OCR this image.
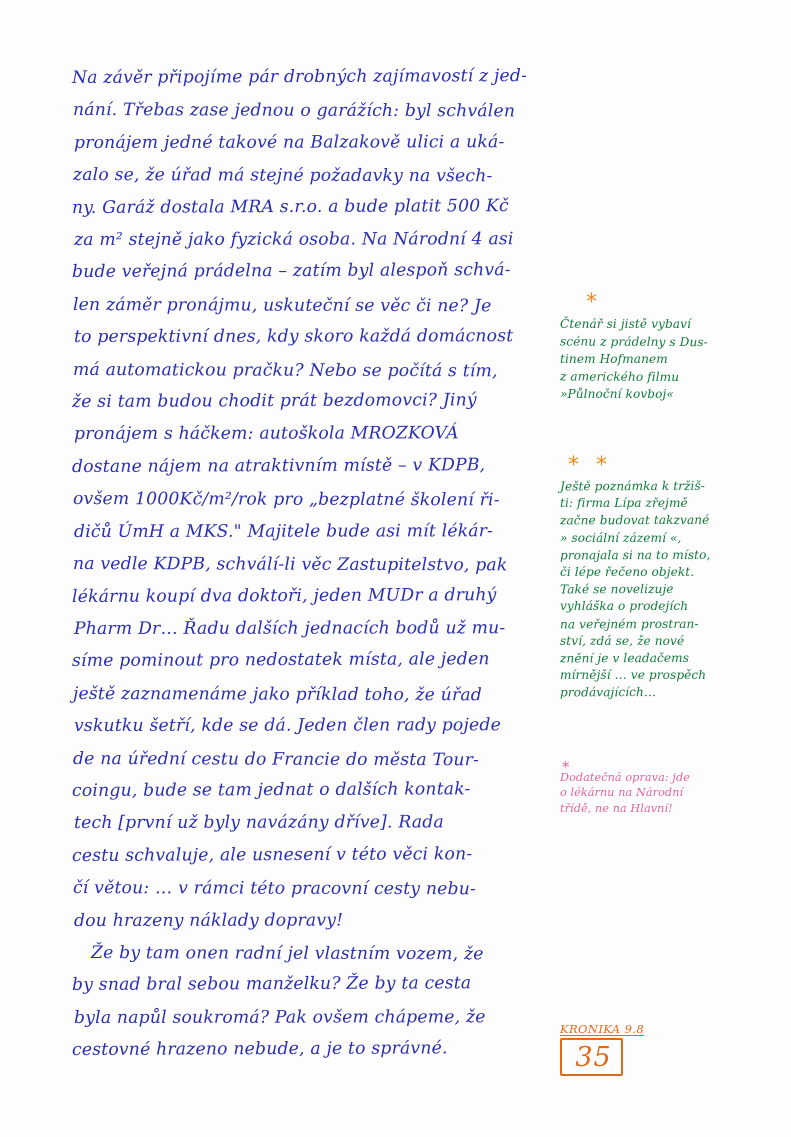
Na závěr připojíme pár drobných zajímavostí z jed-
nání. Třebas zase jednou o garážích: byl schválen
pronájem jedné takové na Balzakově ulici a uká-
zalo se, že úřad má stejné požadavky na všech-
ny. Garáž dostala MRA s.r.o. a bude platit 500 Kč
za m² stejně jako fyzická osoba. Na Národní 4 asi
bude veřejná prádelna – zatím byl alespoň schvá-
len záměr pronájmu, uskuteční se věc či ne? Je
to perspektivní dnes, kdy skoro každá domácnost
má automatickou pračku? Nebo se počítá s tím,
že si tam budou chodit prát bezdomovci? Jiný
pronájem s háčkem: autoškola MROZKOVÁ
dostane nájem na atraktivním místě – v KDPB,
ovšem 1000Kč/m²/rok pro „bezplatné školení ři-
dičů ÚmH a MKS." Majitele bude asi mít lékár-
na vedle KDPB, schválí-li věc Zastupitelstvo, pak
lékárnu koupí dva doktoři, jeden MUDr a druhý
Pharm Dr… Řadu dalších jednacích bodů už mu-
síme pominout pro nedostatek místa, ale jeden
ještě zaznamenáme jako příklad toho, že úřad
vskutku šetří, kde se dá. Jeden člen rady pojede
de na úřední cestu do Francie do města Tour-
coingu, bude se tam jednat o dalších kontak-
tech [první už byly navázány dříve]. Rada
cestu schvaluje, ale usnesení v této věci kon-
čí větou: … v rámci této pracovní cesty nebu-
dou hrazeny náklady dopravy!
Že by tam onen radní jel vlastním vozem, že
by snad bral sebou manželku? Že by ta cesta
byla napůl soukromá? Pak ovšem chápeme, že
cestovné hrazeno nebude, a je to správné.
*
Čtenář si jistě vybaví
scénu z prádelny s Dus-
tinem Hofmanem
z amerického filmu
»Půlnoční kovboj«
* *
Ještě poznámka k tržiš-
ti: firma Lípa zřejmě
začne budovat takzvané
» sociální zázemí «,
pronajala si na to místo,
či lépe řečeno objekt.
Také se novelizuje
vyhláška o prodejích
na veřejném prostran-
ství, zdá se, že nové
znění je v leadačems
mírnější … ve prospěch
prodávajících…
*
Dodatečná oprava: jde
o lékárnu na Národní
třídě, ne na Hlavní!
KRONIKA 9.8
35
